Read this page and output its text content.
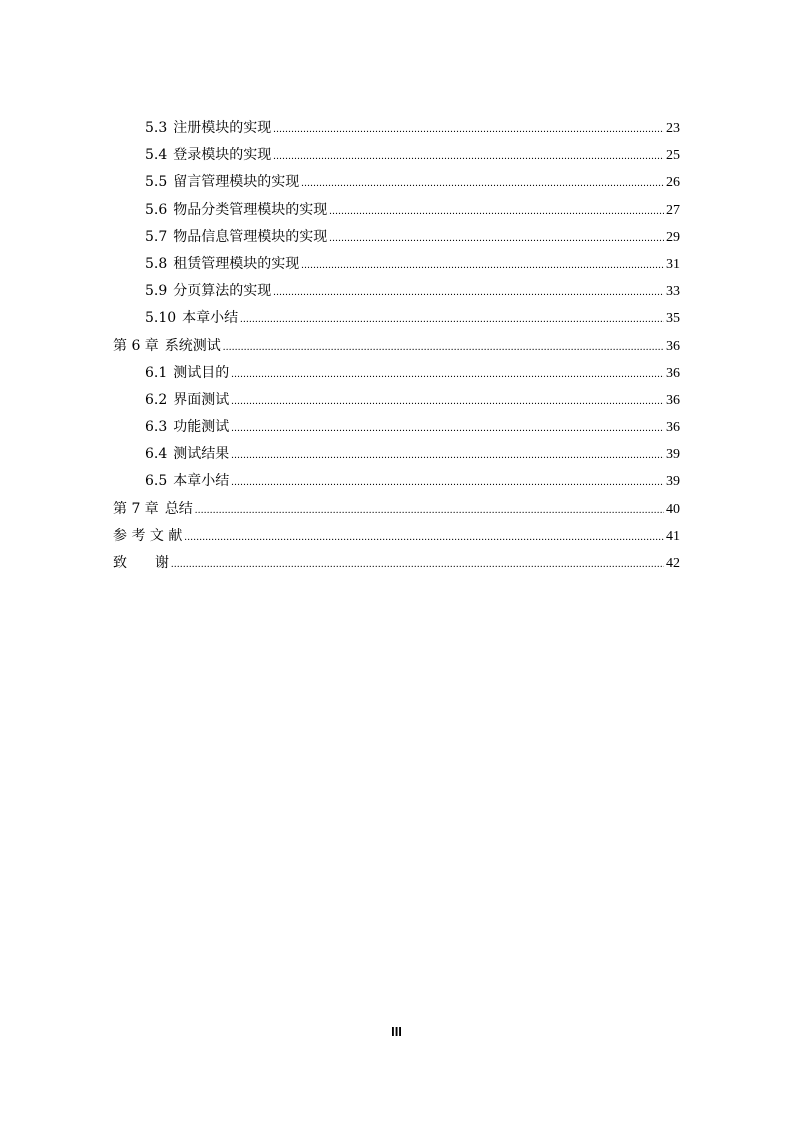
5.3 注册模块的实现 .....	23
5.4 登录模块的实现 .....	25
5.5 留言管理模块的实现 .....	26
5.6 物品分类管理模块的实现 .....	27
5.7 物品信息管理模块的实现 .....	29
5.8 租赁管理模块的实现 .....	31
5.9 分页算法的实现 .....	33
5.10 本章小结 .....	35
第 6 章 系统测试 .....	36
6.1 测试目的 .....	36
6.2 界面测试 .....	36
6.3 功能测试 .....	36
6.4 测试结果 .....	39
6.5 本章小结 .....	39
第 7 章 总结 .....	40
参 考 文 献 .....	41
致　　谢 .....	42
III
